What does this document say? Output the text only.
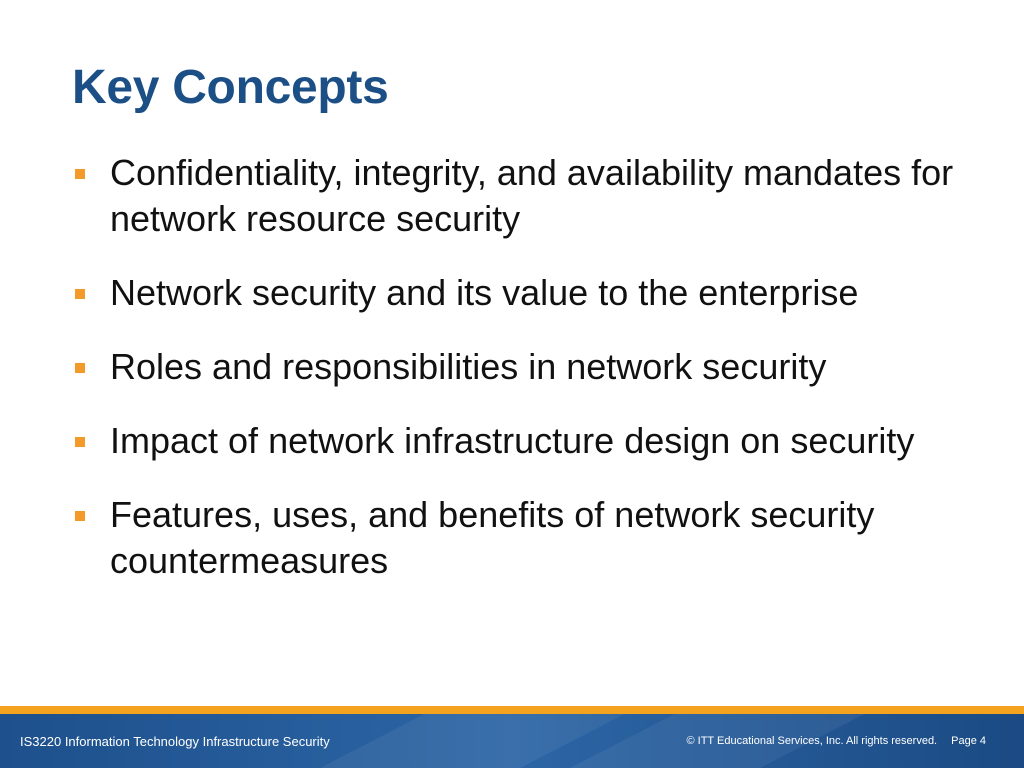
Key Concepts
Confidentiality, integrity, and availability mandates for network resource security
Network security and its value to the enterprise
Roles and responsibilities in network security
Impact of network infrastructure design on security
Features, uses, and benefits of network security countermeasures
IS3220 Information Technology Infrastructure Security	© ITT Educational Services, Inc. All rights reserved. Page 4
